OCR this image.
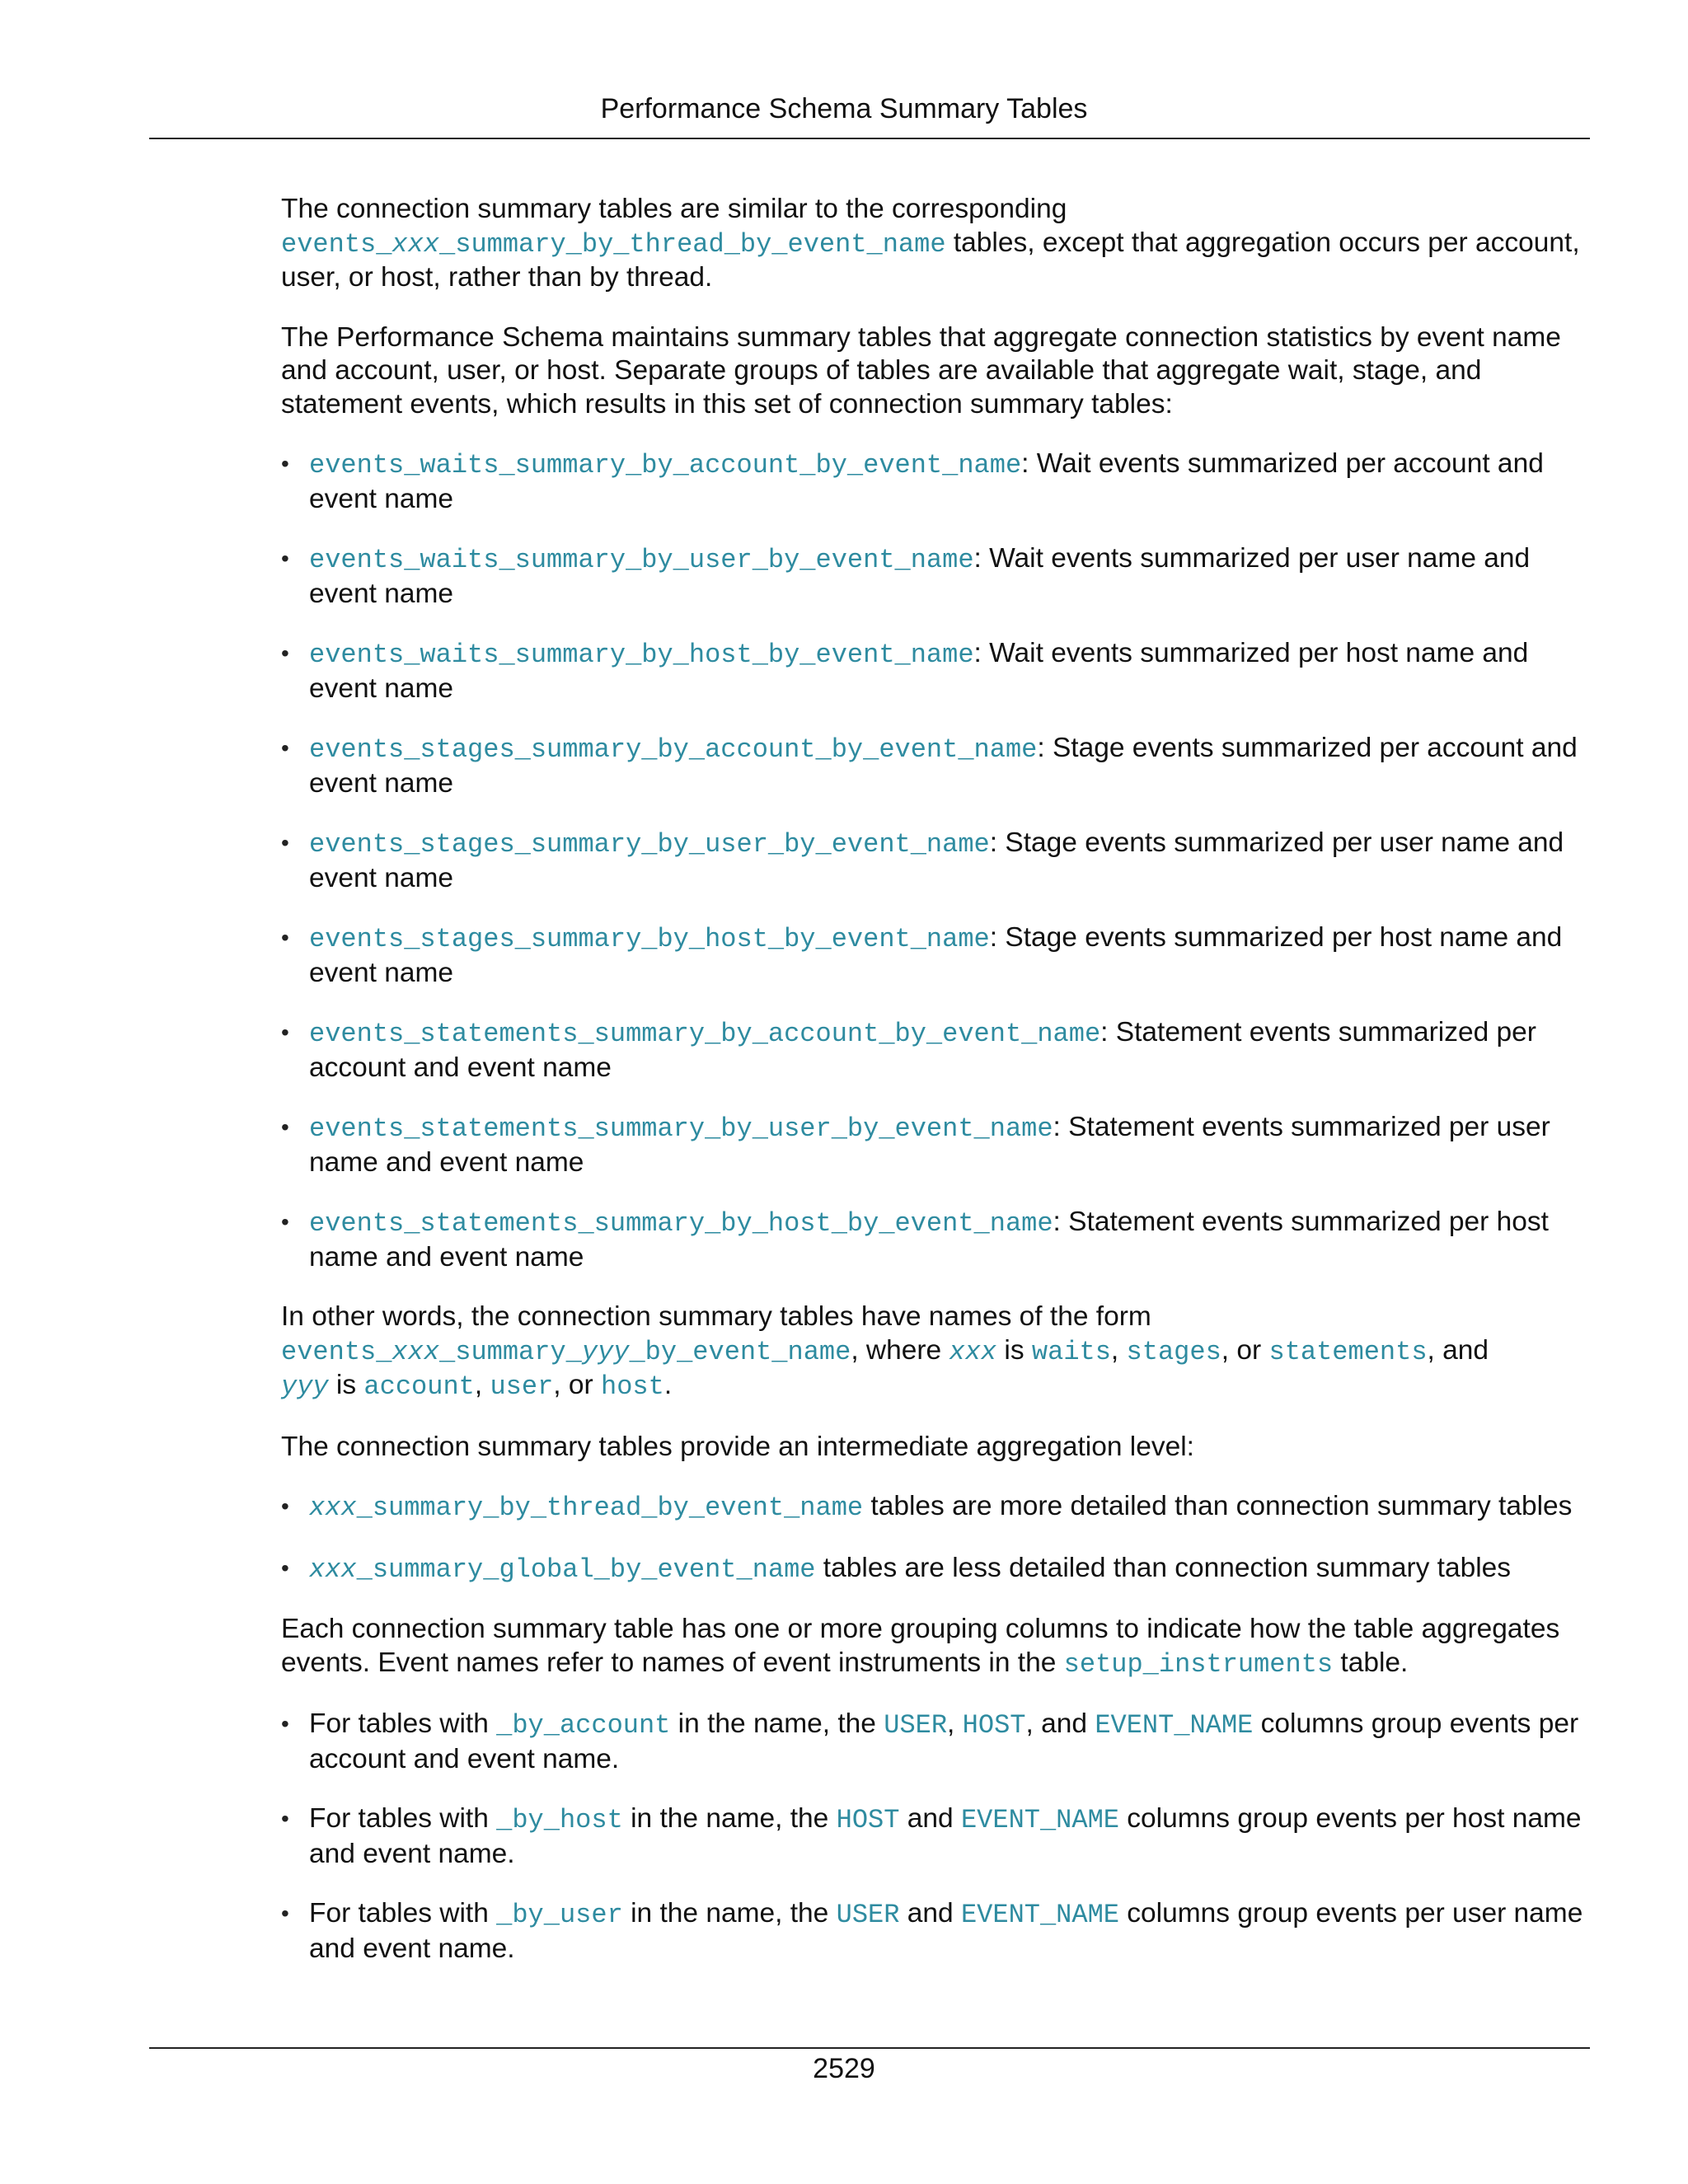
Performance Schema Summary Tables

The connection summary tables are similar to the corresponding
events_xxx_summary_by_thread_by_event_name tables, except that aggregation occurs per account, user, or host, rather than by thread.

The Performance Schema maintains summary tables that aggregate connection statistics by event name and account, user, or host. Separate groups of tables are available that aggregate wait, stage, and statement events, which results in this set of connection summary tables:

• events_waits_summary_by_account_by_event_name: Wait events summarized per account and event name
• events_waits_summary_by_user_by_event_name: Wait events summarized per user name and event name
• events_waits_summary_by_host_by_event_name: Wait events summarized per host name and event name
• events_stages_summary_by_account_by_event_name: Stage events summarized per account and event name
• events_stages_summary_by_user_by_event_name: Stage events summarized per user name and event name
• events_stages_summary_by_host_by_event_name: Stage events summarized per host name and event name
• events_statements_summary_by_account_by_event_name: Statement events summarized per account and event name
• events_statements_summary_by_user_by_event_name: Statement events summarized per user name and event name
• events_statements_summary_by_host_by_event_name: Statement events summarized per host name and event name

In other words, the connection summary tables have names of the form
events_xxx_summary_yyy_by_event_name, where xxx is waits, stages, or statements, and
yyy is account, user, or host.

The connection summary tables provide an intermediate aggregation level:

• xxx_summary_by_thread_by_event_name tables are more detailed than connection summary tables
• xxx_summary_global_by_event_name tables are less detailed than connection summary tables

Each connection summary table has one or more grouping columns to indicate how the table aggregates events. Event names refer to names of event instruments in the setup_instruments table.

• For tables with _by_account in the name, the USER, HOST, and EVENT_NAME columns group events per account and event name.
• For tables with _by_host in the name, the HOST and EVENT_NAME columns group events per host name and event name.
• For tables with _by_user in the name, the USER and EVENT_NAME columns group events per user name and event name.
2529
